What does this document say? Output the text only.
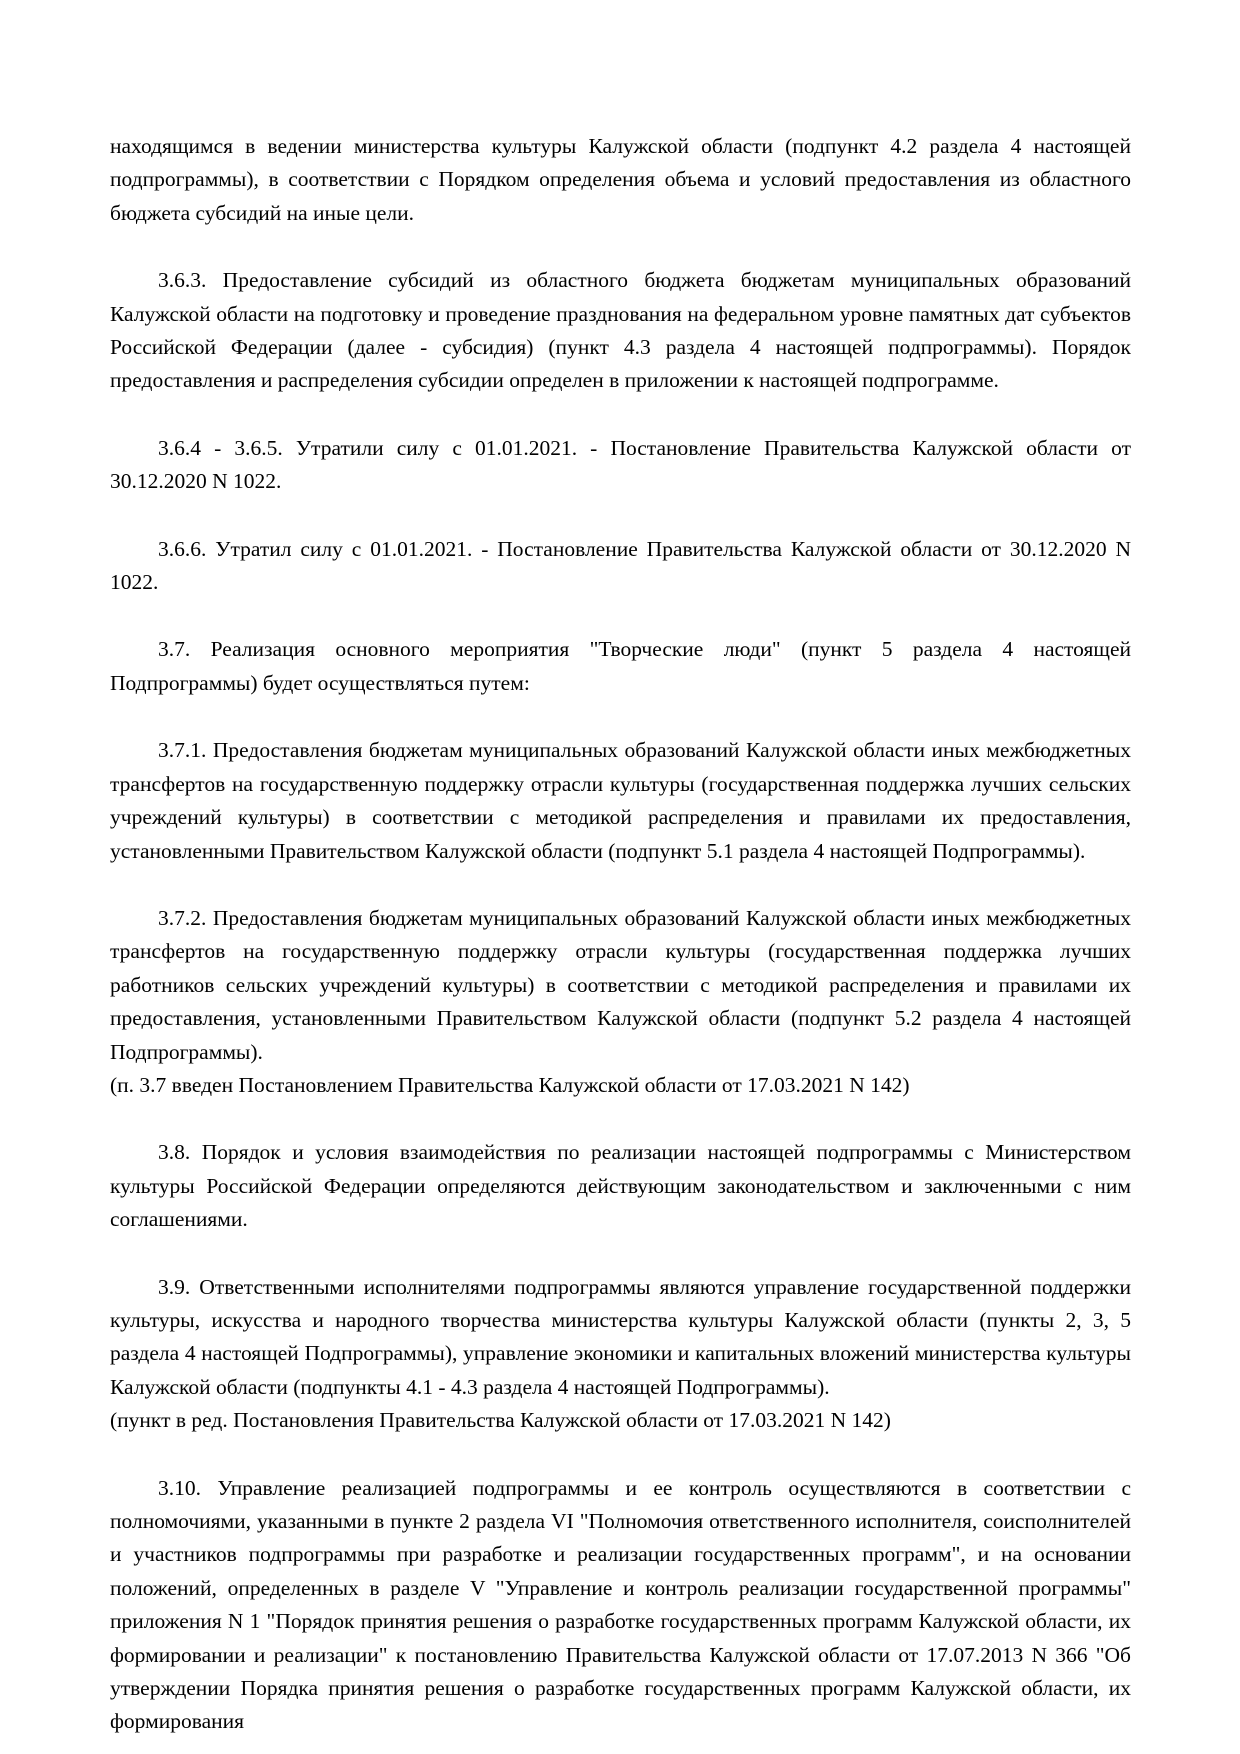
находящимся в ведении министерства культуры Калужской области (подпункт 4.2 раздела 4 настоящей подпрограммы), в соответствии с Порядком определения объема и условий предоставления из областного бюджета субсидий на иные цели.

3.6.3. Предоставление субсидий из областного бюджета бюджетам муниципальных образований Калужской области на подготовку и проведение празднования на федеральном уровне памятных дат субъектов Российской Федерации (далее - субсидия) (пункт 4.3 раздела 4 настоящей подпрограммы). Порядок предоставления и распределения субсидии определен в приложении к настоящей подпрограмме.

3.6.4 - 3.6.5. Утратили силу с 01.01.2021. - Постановление Правительства Калужской области от 30.12.2020 N 1022.

3.6.6. Утратил силу с 01.01.2021. - Постановление Правительства Калужской области от 30.12.2020 N 1022.

3.7. Реализация основного мероприятия "Творческие люди" (пункт 5 раздела 4 настоящей Подпрограммы) будет осуществляться путем:

3.7.1. Предоставления бюджетам муниципальных образований Калужской области иных межбюджетных трансфертов на государственную поддержку отрасли культуры (государственная поддержка лучших сельских учреждений культуры) в соответствии с методикой распределения и правилами их предоставления, установленными Правительством Калужской области (подпункт 5.1 раздела 4 настоящей Подпрограммы).

3.7.2. Предоставления бюджетам муниципальных образований Калужской области иных межбюджетных трансфертов на государственную поддержку отрасли культуры (государственная поддержка лучших работников сельских учреждений культуры) в соответствии с методикой распределения и правилами их предоставления, установленными Правительством Калужской области (подпункт 5.2 раздела 4 настоящей Подпрограммы).

(п. 3.7 введен Постановлением Правительства Калужской области от 17.03.2021 N 142)

3.8. Порядок и условия взаимодействия по реализации настоящей подпрограммы с Министерством культуры Российской Федерации определяются действующим законодательством и заключенными с ним соглашениями.

3.9. Ответственными исполнителями подпрограммы являются управление государственной поддержки культуры, искусства и народного творчества министерства культуры Калужской области (пункты 2, 3, 5 раздела 4 настоящей Подпрограммы), управление экономики и капитальных вложений министерства культуры Калужской области (подпункты 4.1 - 4.3 раздела 4 настоящей Подпрограммы).

(пункт в ред. Постановления Правительства Калужской области от 17.03.2021 N 142)

3.10. Управление реализацией подпрограммы и ее контроль осуществляются в соответствии с полномочиями, указанными в пункте 2 раздела VI "Полномочия ответственного исполнителя, соисполнителей и участников подпрограммы при разработке и реализации государственных программ", и на основании положений, определенных в разделе V "Управление и контроль реализации государственной программы" приложения N 1 "Порядок принятия решения о разработке государственных программ Калужской области, их формировании и реализации" к постановлению Правительства Калужской области от 17.07.2013 N 366 "Об утверждении Порядка принятия решения о разработке государственных программ Калужской области, их формирования
